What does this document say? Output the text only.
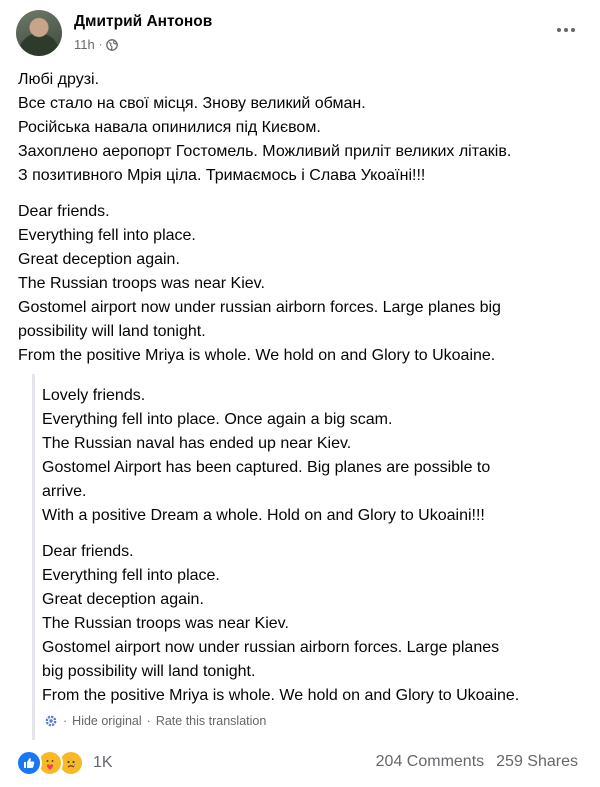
Дмитрий Антонов
11h ·
Любі друзі.
Все стало на свої місця. Знову великий обман.
Російська навала опинилися під Києвом.
Захоплено аеропорт Гостомель. Можливий приліт великих літаків.
З позитивного Мрія ціла. Тримаємось і Слава Укоаїні!!!
Dear friends.
Everything fell into place.
Great deception again.
The Russian troops was near Kiev.
Gostomel airport now under russian airborn forces. Large planes big
possibility will land tonight.
From the positive Mriya is whole. We hold on and Glory to Ukoaine.
Lovely friends.
Everything fell into place. Once again a big scam.
The Russian naval has ended up near Kiev.
Gostomel Airport has been captured. Big planes are possible to
arrive.
With a positive Dream a whole. Hold on and Glory to Ukoaini!!!
Dear friends.
Everything fell into place.
Great deception again.
The Russian troops was near Kiev.
Gostomel airport now under russian airborn forces. Large planes
big possibility will land tonight.
From the positive Mriya is whole. We hold on and Glory to Ukoaine.
· Hide original · Rate this translation
1K	204 Comments 259 Shares
